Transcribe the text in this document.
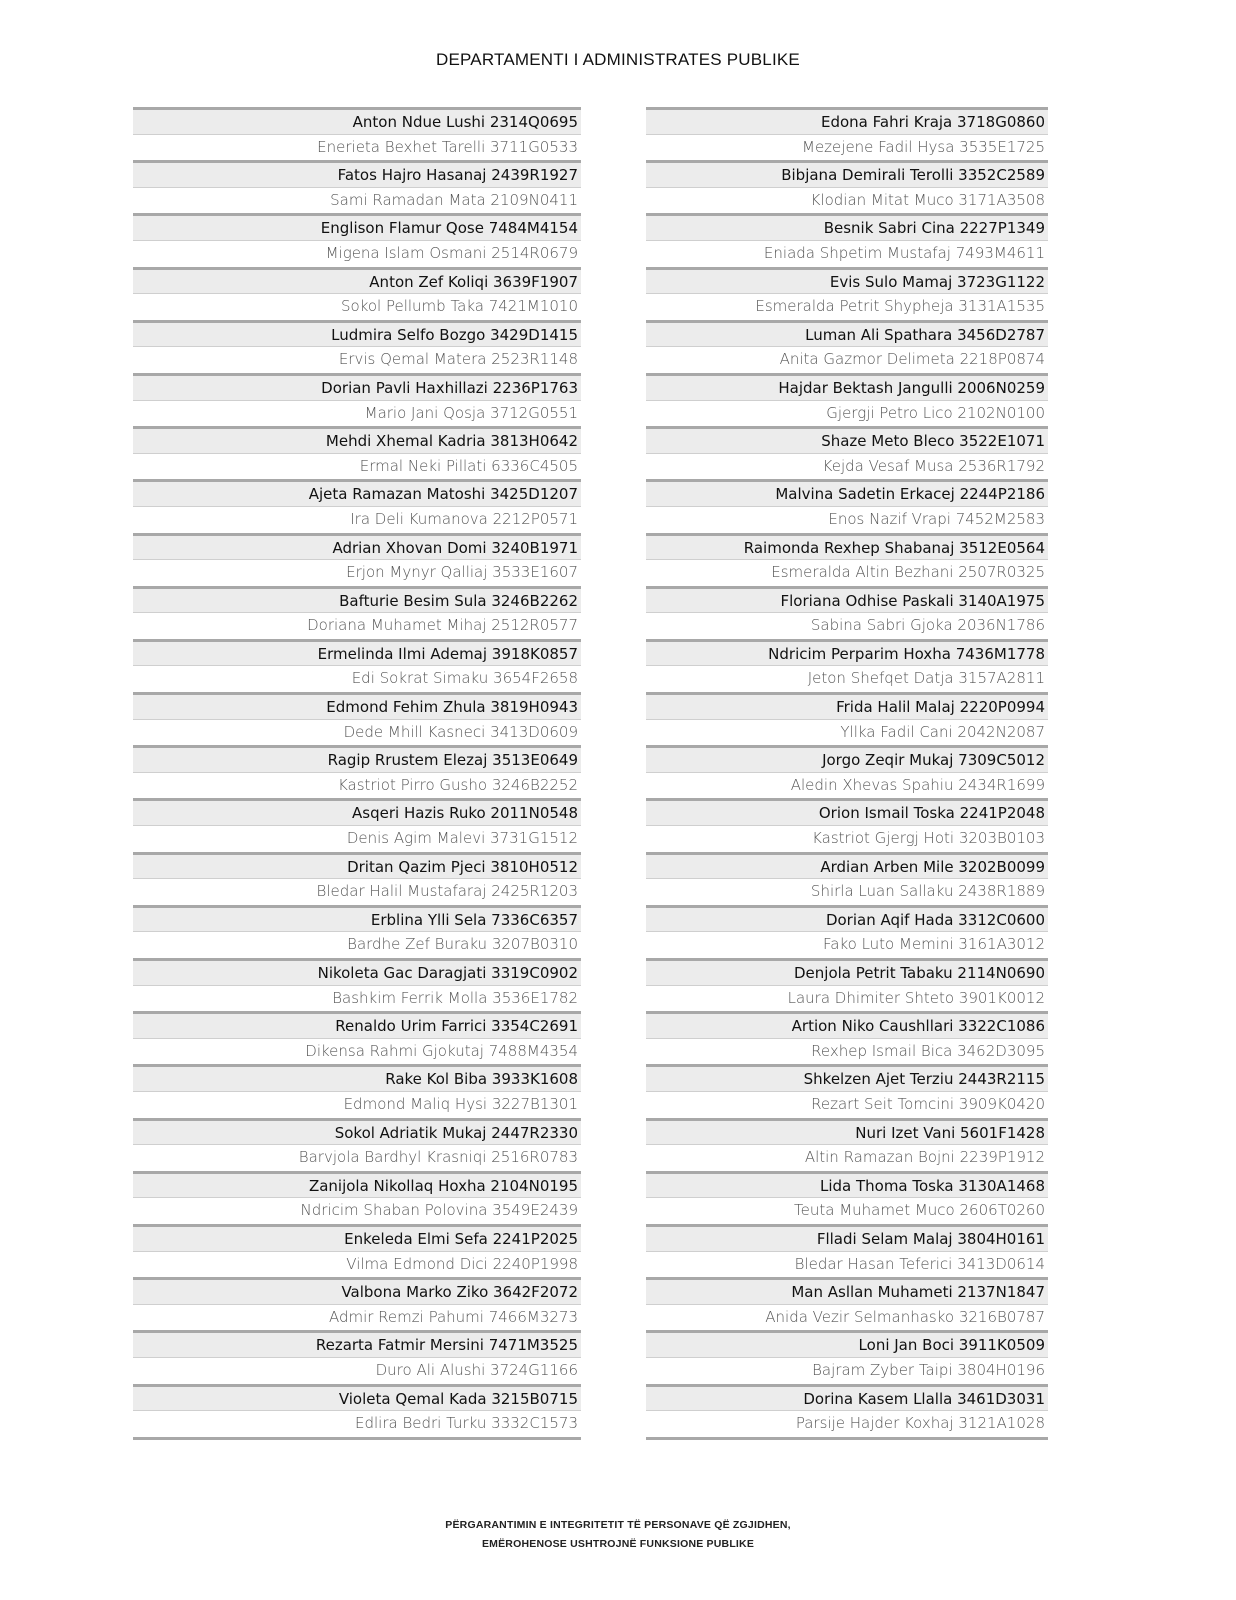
DEPARTAMENTI I ADMINISTRATES PUBLIKE
Anton Ndue Lushi 2314Q0695
Enerieta Bexhet Tarelli 3711G0533
Fatos Hajro Hasanaj 2439R1927
Sami Ramadan Mata 2109N0411
Englison Flamur Qose 7484M4154
Migena Islam Osmani 2514R0679
Anton Zef Koliqi 3639F1907
Sokol Pellumb Taka 7421M1010
Ludmira Selfo Bozgo 3429D1415
Ervis Qemal Matera 2523R1148
Dorian Pavli Haxhillazi 2236P1763
Mario Jani Qosja 3712G0551
Mehdi Xhemal Kadria 3813H0642
Ermal Neki Pillati 6336C4505
Ajeta Ramazan Matoshi 3425D1207
Ira Deli Kumanova 2212P0571
Adrian Xhovan Domi 3240B1971
Erjon Mynyr Qalliaj 3533E1607
Bafturie Besim Sula 3246B2262
Doriana Muhamet Mihaj 2512R0577
Ermelinda Ilmi Ademaj 3918K0857
Edi Sokrat Simaku 3654F2658
Edmond Fehim Zhula 3819H0943
Dede Mhill Kasneci 3413D0609
Ragip Rrustem Elezaj 3513E0649
Kastriot Pirro Gusho 3246B2252
Asqeri Hazis Ruko 2011N0548
Denis Agim Malevi 3731G1512
Dritan Qazim Pjeci 3810H0512
Bledar Halil Mustafaraj 2425R1203
Erblina Ylli Sela 7336C6357
Bardhe Zef Buraku 3207B0310
Nikoleta Gac Daragjati 3319C0902
Bashkim Ferrik Molla 3536E1782
Renaldo Urim Farrici 3354C2691
Dikensa Rahmi Gjokutaj 7488M4354
Rake Kol Biba 3933K1608
Edmond Maliq Hysi 3227B1301
Sokol Adriatik Mukaj 2447R2330
Barvjola Bardhyl Krasniqi 2516R0783
Zanijola Nikollaq Hoxha 2104N0195
Ndricim Shaban Polovina 3549E2439
Enkeleda Elmi Sefa 2241P2025
Vilma Edmond Dici 2240P1998
Valbona Marko Ziko 3642F2072
Admir Remzi Pahumi 7466M3273
Rezarta Fatmir Mersini 7471M3525
Duro Ali Alushi 3724G1166
Violeta Qemal Kada 3215B0715
Edlira Bedri Turku 3332C1573
Edona Fahri Kraja 3718G0860
Mezejene Fadil Hysa 3535E1725
Bibjana Demirali Terolli 3352C2589
Klodian Mitat Muco 3171A3508
Besnik Sabri Cina 2227P1349
Eniada Shpetim Mustafaj 7493M4611
Evis Sulo Mamaj 3723G1122
Esmeralda Petrit Shypheja 3131A1535
Luman Ali Spathara 3456D2787
Anita Gazmor Delimeta 2218P0874
Hajdar Bektash Jangulli 2006N0259
Gjergji Petro Lico 2102N0100
Shaze Meto Bleco 3522E1071
Kejda Vesaf Musa 2536R1792
Malvina Sadetin Erkacej 2244P2186
Enos Nazif Vrapi 7452M2583
Raimonda Rexhep Shabanaj 3512E0564
Esmeralda Altin Bezhani 2507R0325
Floriana Odhise Paskali 3140A1975
Sabina Sabri Gjoka 2036N1786
Ndricim Perparim Hoxha 7436M1778
Jeton Shefqet Datja 3157A2811
Frida Halil Malaj 2220P0994
Yllka Fadil Cani 2042N2087
Jorgo Zeqir Mukaj 7309C5012
Aledin Xhevas Spahiu 2434R1699
Orion Ismail Toska 2241P2048
Kastriot Gjergj Hoti 3203B0103
Ardian Arben Mile 3202B0099
Shirla Luan Sallaku 2438R1889
Dorian Aqif Hada 3312C0600
Fako Luto Memini 3161A3012
Denjola Petrit Tabaku 2114N0690
Laura Dhimiter Shteto 3901K0012
Artion Niko Caushllari 3322C1086
Rexhep Ismail Bica 3462D3095
Shkelzen Ajet Terziu 2443R2115
Rezart Seit Tomcini 3909K0420
Nuri Izet Vani 5601F1428
Altin Ramazan Bojni 2239P1912
Lida Thoma Toska 3130A1468
Teuta Muhamet Muco 2606T0260
Flladi Selam Malaj 3804H0161
Bledar Hasan Teferici 3413D0614
Man Asllan Muhameti 2137N1847
Anida Vezir Selmanhasko 3216B0787
Loni Jan Boci 3911K0509
Bajram Zyber Taipi 3804H0196
Dorina Kasem Llalla 3461D3031
Parsije Hajder Koxhaj 3121A1028
PËRGARANTIMIN E INTEGRITETIT TË PERSONAVE QË ZGJIDHEN,
EMËROHENOSE USHTROJNË FUNKSIONE PUBLIKE
